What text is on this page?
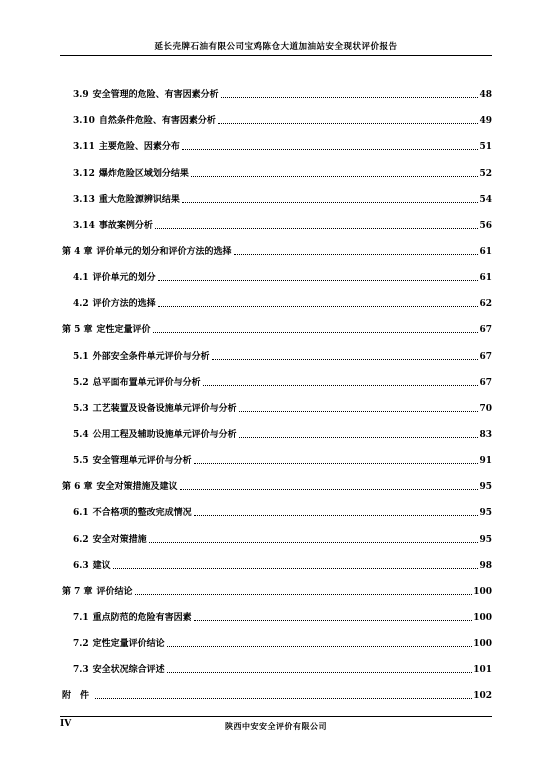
延长壳牌石油有限公司宝鸡陈仓大道加油站安全现状评价报告
3.9 安全管理的危险、有害因素分析	48
3.10 自然条件危险、有害因素分析	49
3.11 主要危险、因素分布	51
3.12 爆炸危险区域划分结果	52
3.13 重大危险源辨识结果	54
3.14 事故案例分析	56
第 4 章 评价单元的划分和评价方法的选择	61
4.1 评价单元的划分	61
4.2 评价方法的选择	62
第 5 章 定性定量评价	67
5.1 外部安全条件单元评价与分析	67
5.2 总平面布置单元评价与分析	67
5.3 工艺装置及设备设施单元评价与分析	70
5.4 公用工程及辅助设施单元评价与分析	83
5.5 安全管理单元评价与分析	91
第 6 章 安全对策措施及建议	95
6.1 不合格项的整改完成情况	95
6.2 安全对策措施	95
6.3 建议	98
第 7 章 评价结论	100
7.1 重点防范的危险有害因素	100
7.2 定性定量评价结论	100
7.3 安全状况综合评述	101
附　件	102
IV	陕西中安安全评价有限公司
